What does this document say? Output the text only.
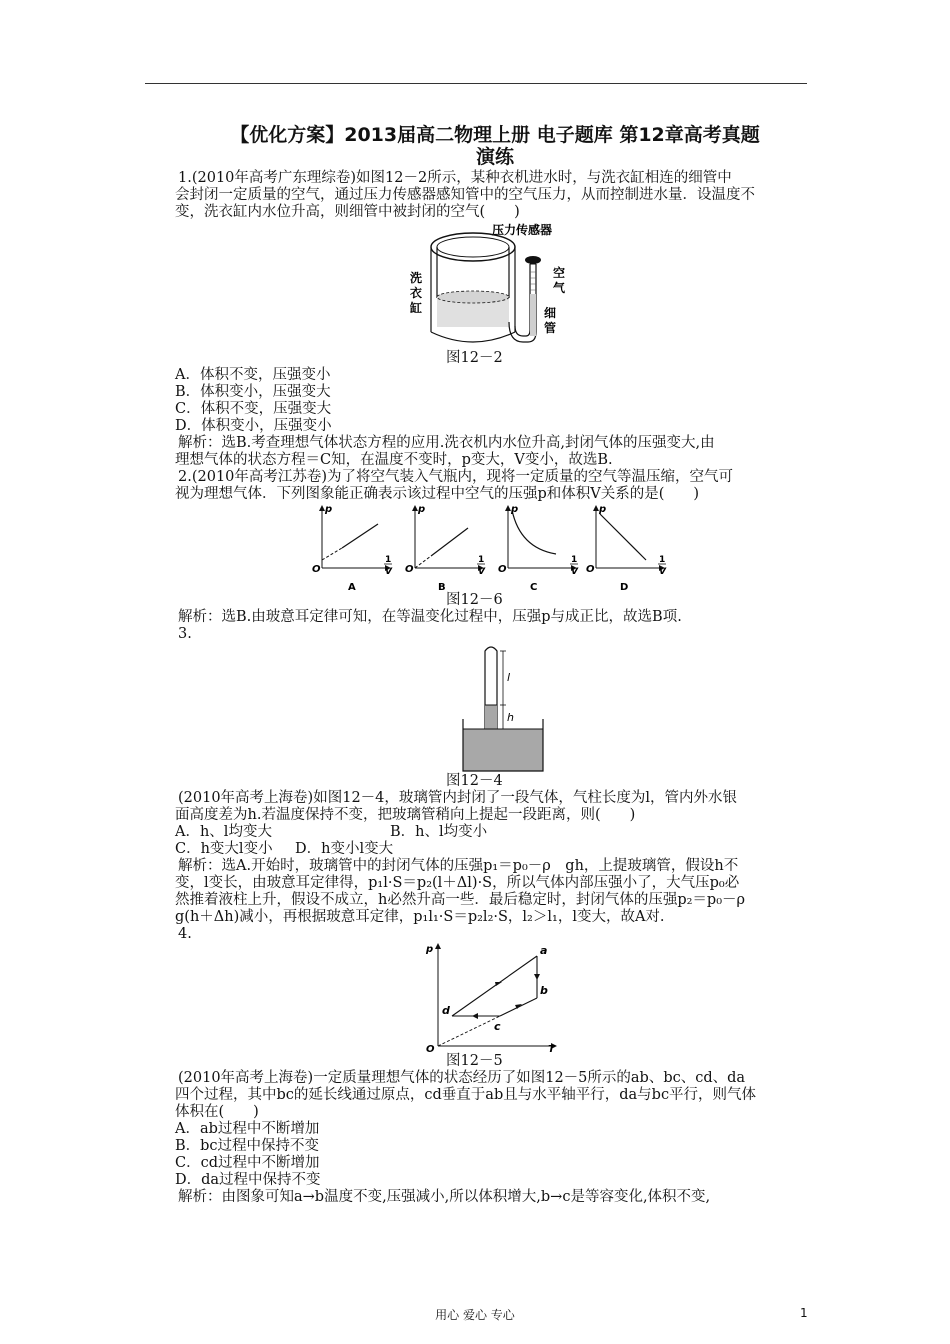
【优化方案】2013届高二物理上册 电子题库 第12章高考真题
演练
1.(2010年高考广东理综卷)如图12－2所示，某种衣机进水时，与洗衣缸相连的细管中
会封闭一定质量的空气，通过压力传感器感知管中的空气压力，从而控制进水量．设温度不
变，洗衣缸内水位升高，则细管中被封闭的空气(　　)
压力传感器
洗
衣
缸
空
气
细
管
图12－2
A．体积不变，压强变小
B．体积变小，压强变大
C．体积不变，压强变大
D．体积变小，压强变小
解析：选B.考查理想气体状态方程的应用.洗衣机内水位升高,封闭气体的压强变大,由
理想气体的状态方程＝C知，在温度不变时，p变大，V变小，故选B.
2.(2010年高考江苏卷)为了将空气装入气瓶内，现将一定质量的空气等温压缩，空气可
视为理想气体．下列图象能正确表示该过程中空气的压强p和体积V关系的是(　　)
p
O
1
V
A
p
O
1
V
B
p
O
1
V
C
p
O
1
V
D
图12－6
解析：选B.由玻意耳定律可知，在等温变化过程中，压强p与成正比，故选B项.
3.
l
h
图12－4
(2010年高考上海卷)如图12－4，玻璃管内封闭了一段气体，气柱长度为l，管内外水银
面高度差为h.若温度保持不变，把玻璃管稍向上提起一段距离，则(　　)
A．h、l均变大	B．h、l均变小
C．h变大l变小 D．h变小l变大
解析：选A.开始时，玻璃管中的封闭气体的压强p₁＝p₀－ρ　gh，上提玻璃管，假设h不
变，l变长，由玻意耳定律得，p₁l·S＝p₂(l＋Δl)·S，所以气体内部压强小了，大气压p₀必
然推着液柱上升，假设不成立，h必然升高一些．最后稳定时，封闭气体的压强p₂＝p₀－ρ
g(h＋Δh)减小，再根据玻意耳定律，p₁l₁·S＝p₂l₂·S，l₂＞l₁，l变大，故A对.
4.
p
O	T
a
b
c
d
图12－5
(2010年高考上海卷)一定质量理想气体的状态经历了如图12－5所示的ab、bc、cd、da
四个过程，其中bc的延长线通过原点，cd垂直于ab且与水平轴平行，da与bc平行，则气体
体积在(　　)
A．ab过程中不断增加
B．bc过程中保持不变
C．cd过程中不断增加
D．da过程中保持不变
解析：由图象可知a→b温度不变,压强减小,所以体积增大,b→c是等容变化,体积不变,
用心 爱心 专心	1
